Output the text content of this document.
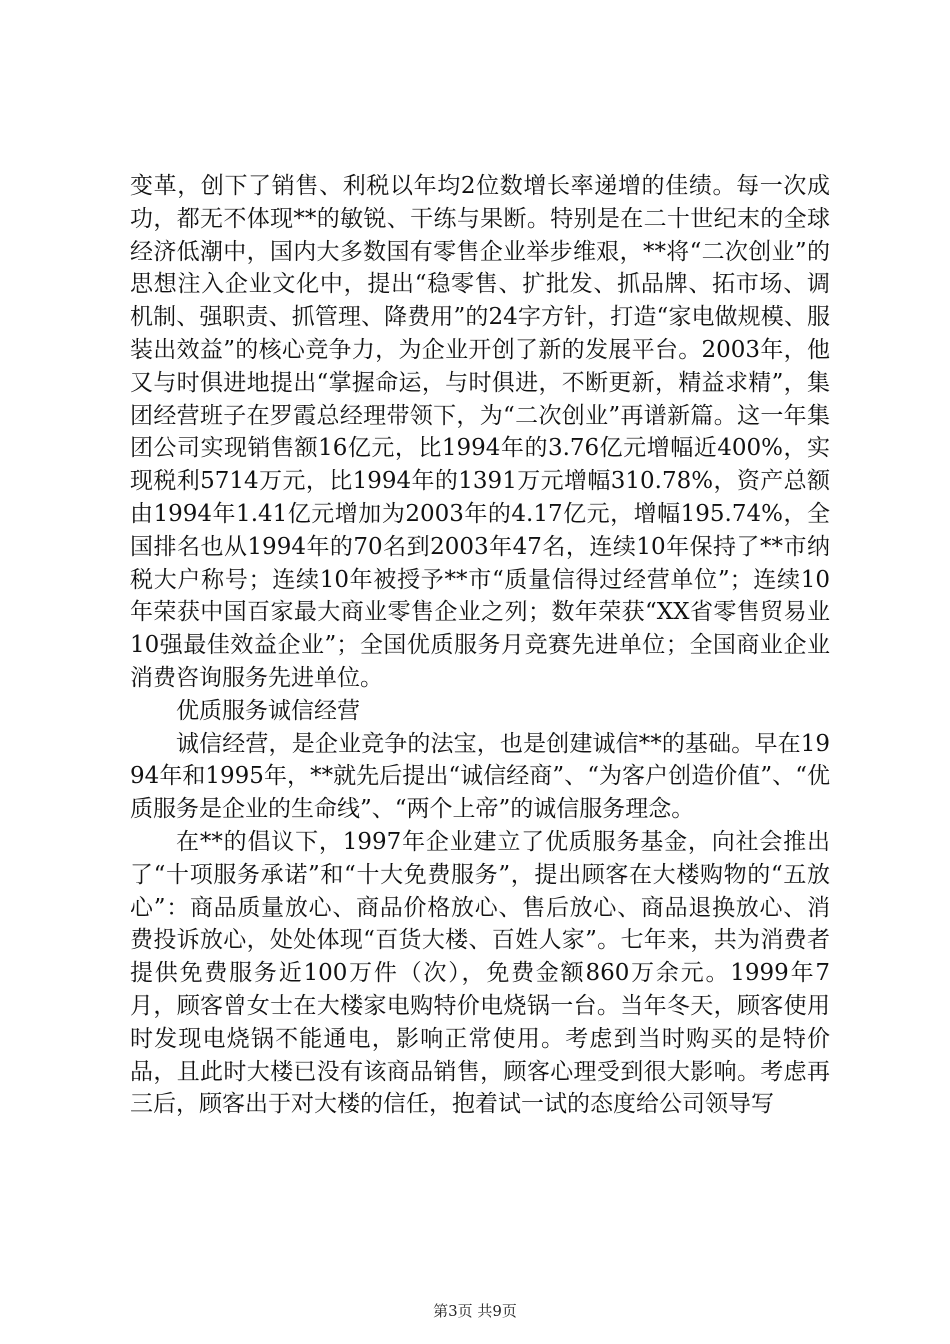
变革，创下了销售、利税以年均2位数增长率递增的佳绩。每一次成功，都无不体现**的敏锐、干练与果断。特别是在二十世纪末的全球经济低潮中，国内大多数国有零售企业举步维艰，**将“二次创业”的思想注入企业文化中，提出“稳零售、扩批发、抓品牌、拓市场、调机制、强职责、抓管理、降费用”的24字方针，打造“家电做规模、服装出效益”的核心竞争力，为企业开创了新的发展平台。2003年，他又与时俱进地提出“掌握命运，与时俱进，不断更新，精益求精”，集团经营班子在罗霞总经理带领下，为“二次创业”再谱新篇。这一年集团公司实现销售额16亿元，比1994年的3.76亿元增幅近400%，实现税利5714万元，比1994年的1391万元增幅310.78%，资产总额由1994年1.41亿元增加为2003年的4.17亿元，增幅195.74%，全国排名也从1994年的70名到2003年47名，连续10年保持了**市纳税大户称号；连续10年被授予**市“质量信得过经营单位”；连续10年荣获中国百家最大商业零售企业之列；数年荣获“XX省零售贸易业10强最佳效益企业”；全国优质服务月竞赛先进单位；全国商业企业消费咨询服务先进单位。

优质服务诚信经营

诚信经营，是企业竞争的法宝，也是创建诚信**的基础。早在1994年和1995年，**就先后提出“诚信经商”、“为客户创造价值”、“优质服务是企业的生命线”、“两个上帝”的诚信服务理念。

在**的倡议下，1997年企业建立了优质服务基金，向社会推出了“十项服务承诺”和“十大免费服务”，提出顾客在大楼购物的“五放心”：商品质量放心、商品价格放心、售后放心、商品退换放心、消费投诉放心，处处体现“百货大楼、百姓人家”。七年来，共为消费者提供免费服务近100万件（次），免费金额860万余元。1999年7月，顾客曾女士在大楼家电购特价电烧锅一台。当年冬天，顾客使用时发现电烧锅不能通电，影响正常使用。考虑到当时购买的是特价品，且此时大楼已没有该商品销售，顾客心理受到很大影响。考虑再三后，顾客出于对大楼的信任，抱着试一试的态度给公司领导写

第3页 共9页
